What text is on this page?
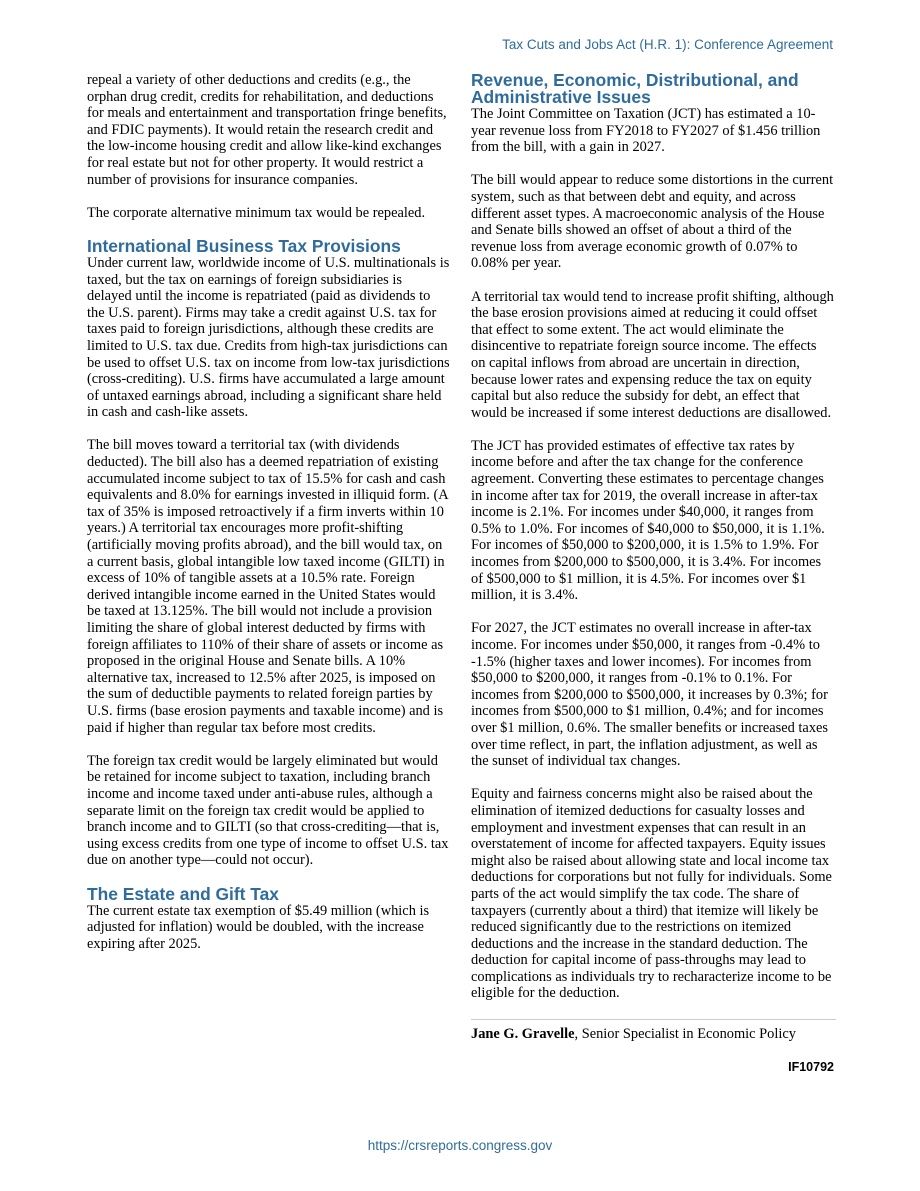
Tax Cuts and Jobs Act (H.R. 1): Conference Agreement

repeal a variety of other deductions and credits (e.g., the orphan drug credit, credits for rehabilitation, and deductions for meals and entertainment and transportation fringe benefits, and FDIC payments). It would retain the research credit and the low-income housing credit and allow like-kind exchanges for real estate but not for other property. It would restrict a number of provisions for insurance companies.

The corporate alternative minimum tax would be repealed.

International Business Tax Provisions

Under current law, worldwide income of U.S. multinationals is taxed, but the tax on earnings of foreign subsidiaries is delayed until the income is repatriated (paid as dividends to the U.S. parent). Firms may take a credit against U.S. tax for taxes paid to foreign jurisdictions, although these credits are limited to U.S. tax due. Credits from high-tax jurisdictions can be used to offset U.S. tax on income from low-tax jurisdictions (cross-crediting). U.S. firms have accumulated a large amount of untaxed earnings abroad, including a significant share held in cash and cash-like assets.

The bill moves toward a territorial tax (with dividends deducted). The bill also has a deemed repatriation of existing accumulated income subject to tax of 15.5% for cash and cash equivalents and 8.0% for earnings invested in illiquid form. (A tax of 35% is imposed retroactively if a firm inverts within 10 years.) A territorial tax encourages more profit-shifting (artificially moving profits abroad), and the bill would tax, on a current basis, global intangible low taxed income (GILTI) in excess of 10% of tangible assets at a 10.5% rate. Foreign derived intangible income earned in the United States would be taxed at 13.125%. The bill would not include a provision limiting the share of global interest deducted by firms with foreign affiliates to 110% of their share of assets or income as proposed in the original House and Senate bills. A 10% alternative tax, increased to 12.5% after 2025, is imposed on the sum of deductible payments to related foreign parties by U.S. firms (base erosion payments and taxable income) and is paid if higher than regular tax before most credits.

The foreign tax credit would be largely eliminated but would be retained for income subject to taxation, including branch income and income taxed under anti-abuse rules, although a separate limit on the foreign tax credit would be applied to branch income and to GILTI (so that cross-crediting—that is, using excess credits from one type of income to offset U.S. tax due on another type—could not occur).

The Estate and Gift Tax

The current estate tax exemption of $5.49 million (which is adjusted for inflation) would be doubled, with the increase expiring after 2025.

Revenue, Economic, Distributional, and Administrative Issues

The Joint Committee on Taxation (JCT) has estimated a 10-year revenue loss from FY2018 to FY2027 of $1.456 trillion from the bill, with a gain in 2027.

The bill would appear to reduce some distortions in the current system, such as that between debt and equity, and across different asset types. A macroeconomic analysis of the House and Senate bills showed an offset of about a third of the revenue loss from average economic growth of 0.07% to 0.08% per year.

A territorial tax would tend to increase profit shifting, although the base erosion provisions aimed at reducing it could offset that effect to some extent. The act would eliminate the disincentive to repatriate foreign source income. The effects on capital inflows from abroad are uncertain in direction, because lower rates and expensing reduce the tax on equity capital but also reduce the subsidy for debt, an effect that would be increased if some interest deductions are disallowed.

The JCT has provided estimates of effective tax rates by income before and after the tax change for the conference agreement. Converting these estimates to percentage changes in income after tax for 2019, the overall increase in after-tax income is 2.1%. For incomes under $40,000, it ranges from 0.5% to 1.0%. For incomes of $40,000 to $50,000, it is 1.1%. For incomes of $50,000 to $200,000, it is 1.5% to 1.9%. For incomes from $200,000 to $500,000, it is 3.4%. For incomes of $500,000 to $1 million, it is 4.5%. For incomes over $1 million, it is 3.4%.

For 2027, the JCT estimates no overall increase in after-tax income. For incomes under $50,000, it ranges from -0.4% to -1.5% (higher taxes and lower incomes). For incomes from $50,000 to $200,000, it ranges from -0.1% to 0.1%. For incomes from $200,000 to $500,000, it increases by 0.3%; for incomes from $500,000 to $1 million, 0.4%; and for incomes over $1 million, 0.6%. The smaller benefits or increased taxes over time reflect, in part, the inflation adjustment, as well as the sunset of individual tax changes.

Equity and fairness concerns might also be raised about the elimination of itemized deductions for casualty losses and employment and investment expenses that can result in an overstatement of income for affected taxpayers. Equity issues might also be raised about allowing state and local income tax deductions for corporations but not fully for individuals. Some parts of the act would simplify the tax code. The share of taxpayers (currently about a third) that itemize will likely be reduced significantly due to the restrictions on itemized deductions and the increase in the standard deduction. The deduction for capital income of pass-throughs may lead to complications as individuals try to recharacterize income to be eligible for the deduction.

Jane G. Gravelle, Senior Specialist in Economic Policy

IF10792
https://crsreports.congress.gov
